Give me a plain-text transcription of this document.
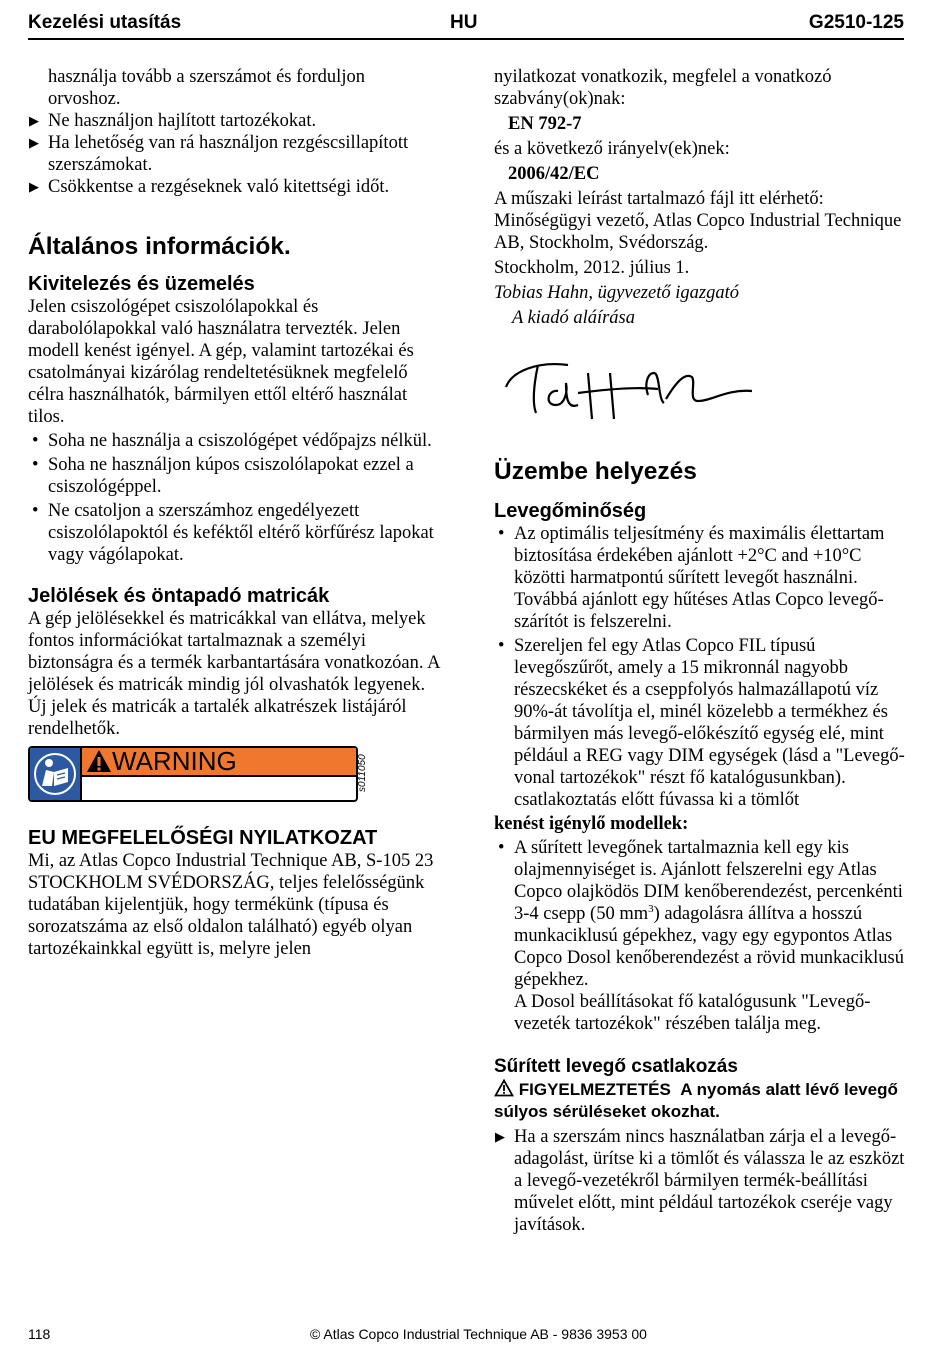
Kezelési utasítás	HU	G2510-125

használja tovább a szerszámot és forduljon

orvoshoz.

▶ Ne használjon hajlított tartozékokat.
▶ Ha lehetőség van rá használjon rezgéscsillapított szerszámokat.
▶ Csökkentse a rezgéseknek való kitettségi időt.
Általános információk.
Kivitelezés és üzemelés

Jelen csiszológépet csiszolólapokkal és darabolólapokkal való használatra tervezték. Jelen modell kenést igényel. A gép, valamint tartozékai és csatolmányai kizárólag rendeltetésüknek megfelelő célra használhatók, bármilyen ettől eltérő használat tilos.

• Soha ne használja a csiszológépet védőpajzs nélkül.
• Soha ne használjon kúpos csiszolólapokat ezzel a csiszológéppel.
• Ne csatoljon a szerszámhoz engedélyezett csiszolólapoktól és keféktől eltérő körfűrész lapokat vagy vágólapokat.
Jelölések és öntapadó matricák

A gép jelölésekkel és matricákkal van ellátva, melyek fontos információkat tartalmaznak a személyi biztonságra és a termék karbantartására vonatkozóan. A jelölések és matricák mindig jól olvashatók legyenek. Új jelek és matricák a tartalék alkatrészek listájáról rendelhetők.

WARNING
EU MEGFELELŐSÉGI NYILATKOZAT

Mi, az Atlas Copco Industrial Technique AB, S-105 23 STOCKHOLM SVÉDORSZÁG, teljes felelősségünk tudatában kijelentjük, hogy termékünk (típusa és sorozatszáma az első oldalon található) egyéb olyan tartozékainkkal együtt is, melyre jelen

s011050

nyilatkozat vonatkozik, megfelel a vonatkozó szabvány(ok)nak:

EN 792-7

és a következő irányelv(ek)nek:

2006/42/EC

A műszaki leírást tartalmazó fájl itt elérhető: Minőségügyi vezető, Atlas Copco Industrial Technique AB, Stockholm, Svédország.

Stockholm, 2012. július 1.

Tobias Hahn, ügyvezető igazgató

A kiadó aláírása

Üzembe helyezés
Levegőminőség
• Az optimális teljesítmény és maximális élettartam biztosítása érdekében ajánlott +2°C and +10°C közötti harmatpontú sűrített levegőt használni. Továbbá ajánlott egy hűtéses Atlas Copco levegő-szárítót is felszerelni.
• Szereljen fel egy Atlas Copco FIL típusú levegőszűrőt, amely a 15 mikronnál nagyobb részecskéket és a cseppfolyós halmazállapotú víz 90%-át távolítja el, minél közelebb a termékhez és bármilyen más levegő-előkészítő egység elé, mint például a REG vagy DIM egységek (lásd a "Levegő-vonal tartozékok" részt fő katalógusunkban). csatlakoztatás előtt fúvassa ki a tömlőt

kenést igénylő modellek:

• A sűrített levegőnek tartalmaznia kell egy kis olajmennyiséget is. Ajánlott felszerelni egy Atlas Copco olajködös DIM kenőberendezést, percenkénti 3-4 csepp (50 $mm^3$) adagolásra állítva a hosszú munkaciklusú gépekhez, vagy egy egypontos Atlas Copco Dosol kenőberendezést a rövid munkaciklusú gépekhez.

A Dosol beállításokat fő katalógusunk "Levegő-vezeték tartozékok" részében találja meg.

Sűrített levegő csatlakozás
FIGYELMEZTETÉS A nyomás alatt lévő levegő súlyos sérüléseket okozhat.
▶ Ha a szerszám nincs használatban zárja el a levegő-adagolást, ürítse ki a tömlőt és válassza le az eszközt a levegő-vezetékről bármilyen termék-beállítási művelet előtt, mint például tartozékok cseréje vagy javítások.
118	© Atlas Copco Industrial Technique AB - 9836 3953 00
